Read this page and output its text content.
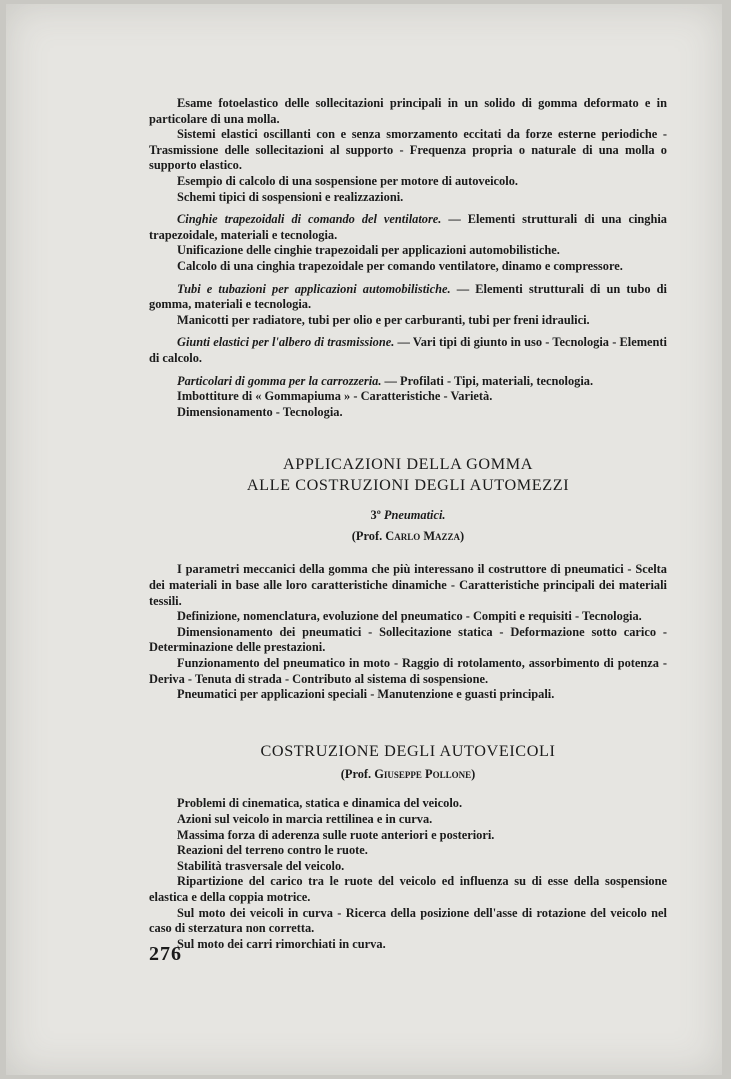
Esame fotoelastico delle sollecitazioni principali in un solido di gomma deformato e in particolare di una molla.

Sistemi elastici oscillanti con e senza smorzamento eccitati da forze esterne periodiche - Trasmissione delle sollecitazioni al supporto - Frequenza propria o naturale di una molla o supporto elastico.

Esempio di calcolo di una sospensione per motore di autoveicolo.

Schemi tipici di sospensioni e realizzazioni.

Cinghie trapezoidali di comando del ventilatore. — Elementi strutturali di una cinghia trapezoidale, materiali e tecnologia.

Unificazione delle cinghie trapezoidali per applicazioni automobilistiche.

Calcolo di una cinghia trapezoidale per comando ventilatore, dinamo e compressore.

Tubi e tubazioni per applicazioni automobilistiche. — Elementi strutturali di un tubo di gomma, materiali e tecnologia.

Manicotti per radiatore, tubi per olio e per carburanti, tubi per freni idraulici.

Giunti elastici per l'albero di trasmissione. — Vari tipi di giunto in uso - Tecnologia - Elementi di calcolo.

Particolari di gomma per la carrozzeria. — Profilati - Tipi, materiali, tecnologia.

Imbottiture di « Gommapiuma » - Caratteristiche - Varietà.

Dimensionamento - Tecnologia.

APPLICAZIONI DELLA GOMMA

ALLE COSTRUZIONI DEGLI AUTOMEZZI

3º Pneumatici.

(Prof. Carlo Mazza)

I parametri meccanici della gomma che più interessano il costruttore di pneumatici - Scelta dei materiali in base alle loro caratteristiche dinamiche - Caratteristiche principali dei materiali tessili.

Definizione, nomenclatura, evoluzione del pneumatico - Compiti e requisiti - Tecnologia.

Dimensionamento dei pneumatici - Sollecitazione statica - Deformazione sotto carico - Determinazione delle prestazioni.

Funzionamento del pneumatico in moto - Raggio di rotolamento, assorbimento di potenza - Deriva - Tenuta di strada - Contributo al sistema di sospensione.

Pneumatici per applicazioni speciali - Manutenzione e guasti principali.

COSTRUZIONE DEGLI AUTOVEICOLI

(Prof. Giuseppe Pollone)

Problemi di cinematica, statica e dinamica del veicolo.

Azioni sul veicolo in marcia rettilinea e in curva.

Massima forza di aderenza sulle ruote anteriori e posteriori.

Reazioni del terreno contro le ruote.

Stabilità trasversale del veicolo.

Ripartizione del carico tra le ruote del veicolo ed influenza su di esse della sospensione elastica e della coppia motrice.

Sul moto dei veicoli in curva - Ricerca della posizione dell'asse di rotazione del veicolo nel caso di sterzatura non corretta.

Sul moto dei carri rimorchiati in curva.

276
